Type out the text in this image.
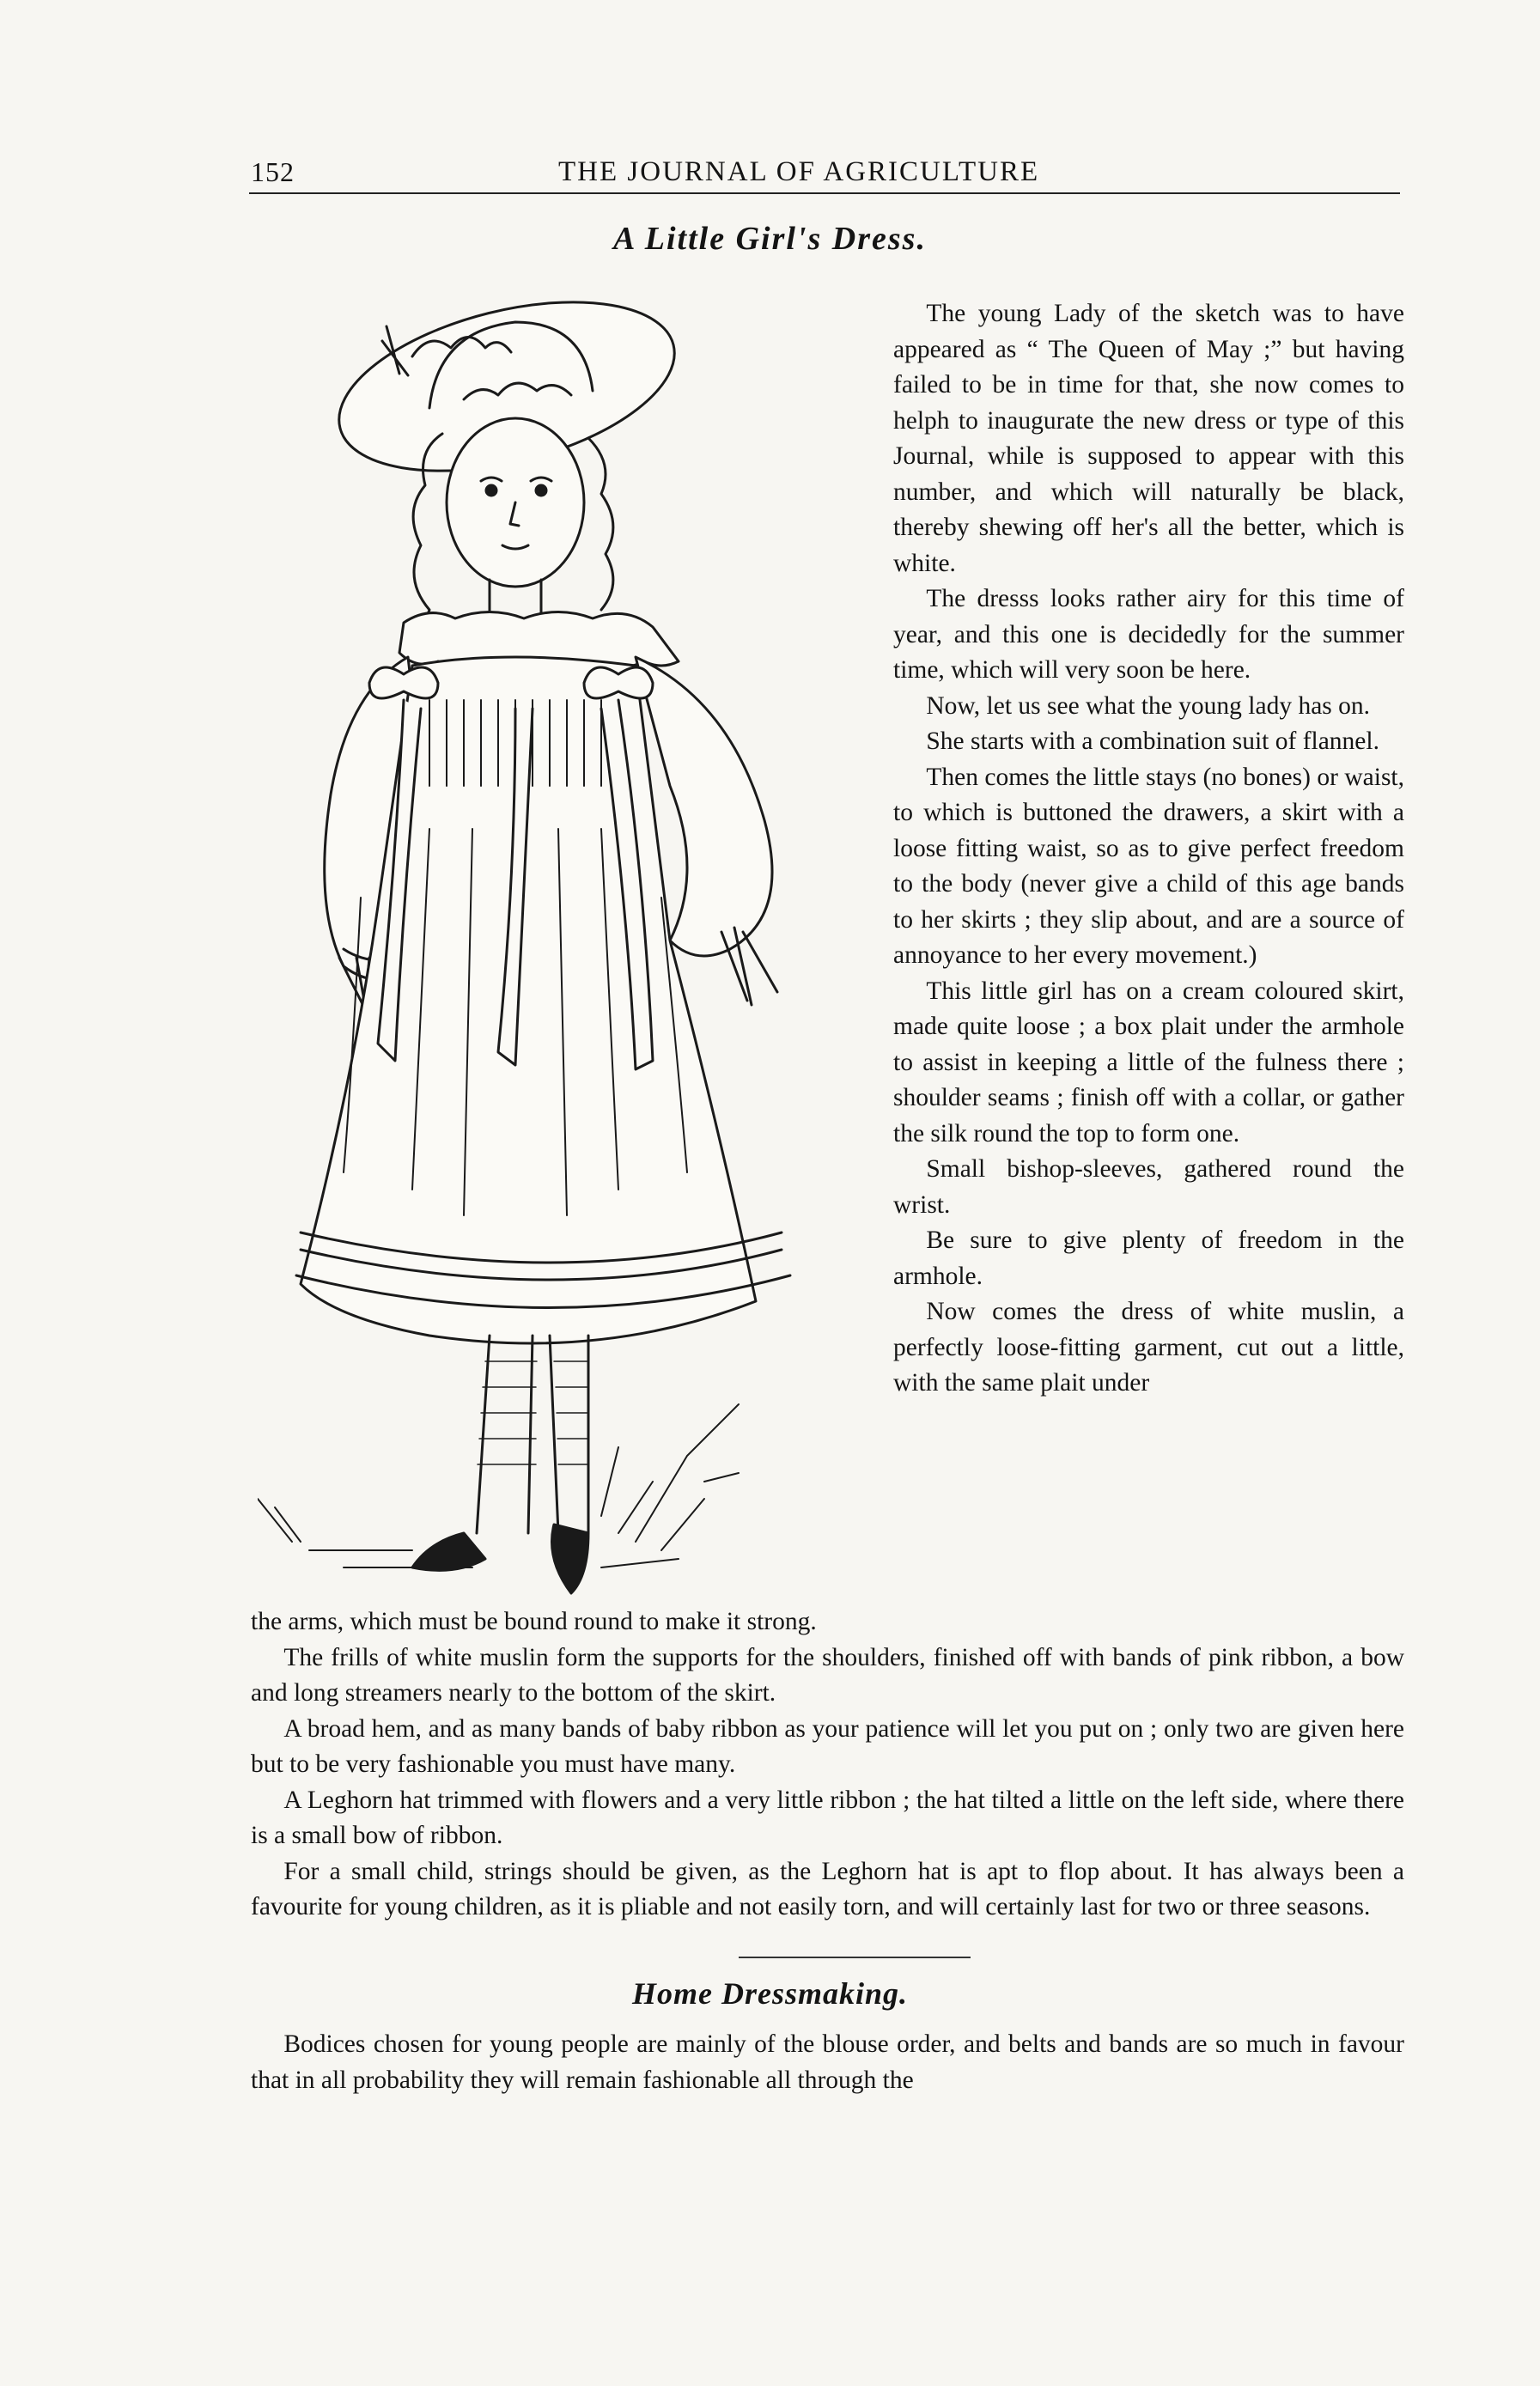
152	THE JOURNAL OF AGRICULTURE
A Little Girl's Dress.

The young Lady of the sketch was to have appeared as “ The Queen of May ;” but having failed to be in time for that, she now comes to helph to inaugurate the new dress or type of this Journal, while is supposed to appear with this number, and which will naturally be black, thereby shewing off her's all the better, which is white.

The dresss looks rather airy for this time of year, and this one is decidedly for the summer time, which will very soon be here.

Now, let us see what the young lady has on.

She starts with a combination suit of flannel.

Then comes the little stays (no bones) or waist, to which is buttoned the drawers, a skirt with a loose fitting waist, so as to give perfect freedom to the body (never give a child of this age bands to her skirts ; they slip about, and are a source of annoyance to her every movement.)

This little girl has on a cream coloured skirt, made quite loose ; a box plait under the armhole to assist in keeping a little of the fulness there ; shoulder seams ; finish off with a collar, or gather the silk round the top to form one.

Small bishop-sleeves, gathered round the wrist.

Be sure to give plenty of freedom in the armhole.

Now comes the dress of white muslin, a perfectly loose-fitting garment, cut out a little, with the same plait under

the arms, which must be bound round to make it strong.

The frills of white muslin form the supports for the shoulders, finished off with bands of pink ribbon, a bow and long streamers nearly to the bottom of the skirt.

A broad hem, and as many bands of baby ribbon as your patience will let you put on ; only two are given here but to be very fashionable you must have many.

A Leghorn hat trimmed with flowers and a very little ribbon ; the hat tilted a little on the left side, where there is a small bow of ribbon.

For a small child, strings should be given, as the Leghorn hat is apt to flop about. It has always been a favourite for young children, as it is pliable and not easily torn, and will certainly last for two or three seasons.

Home Dressmaking.

Bodices chosen for young people are mainly of the blouse order, and belts and bands are so much in favour that in all probability they will remain fashionable all through the
